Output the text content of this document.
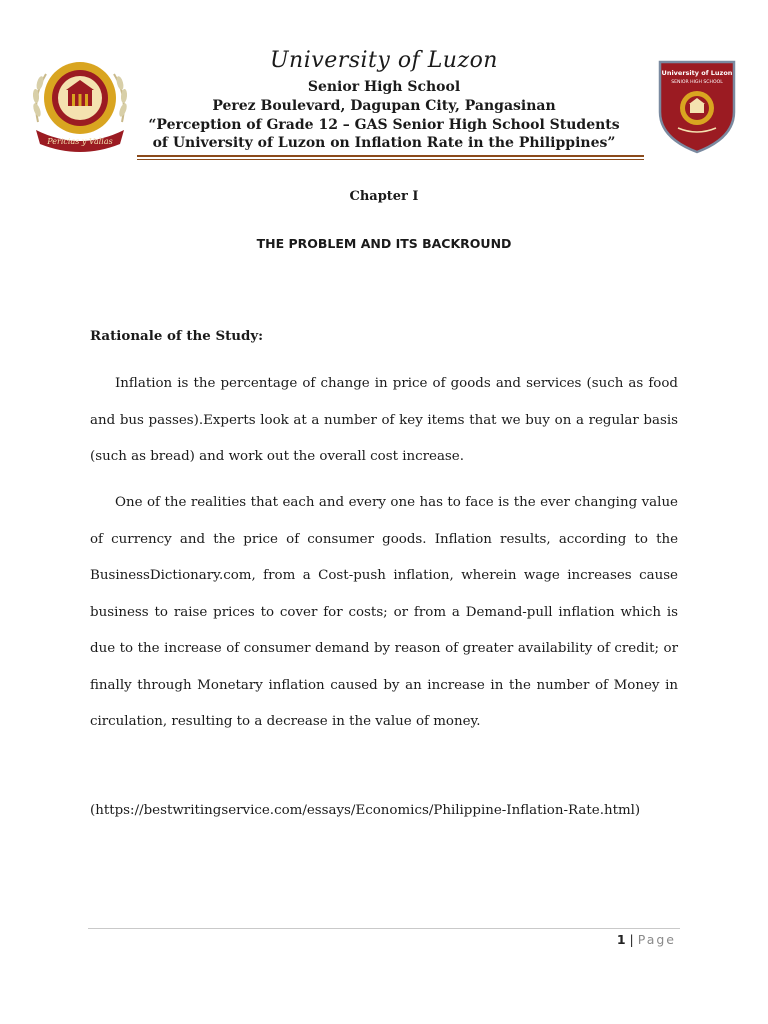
Pericias y Valias
University of Luzon
SENIOR HIGH SCHOOL
University of Luzon
Senior High School
Perez Boulevard, Dagupan City, Pangasinan
“Perception of Grade 12 – GAS Senior High School Students
of University of Luzon on Inflation Rate in the Philippines”
Chapter I
THE PROBLEM AND ITS BACKROUND
Rationale of the Study:
Inflation is the percentage of change in price of goods and services (such as food and bus passes).Experts look at a number of key items that we buy on a regular basis (such as bread) and work out the overall cost increase.
One of the realities that each and every one has to face is the ever changing value of currency and the price of consumer goods. Inflation results, according to the BusinessDictionary.com, from a Cost-push inflation, wherein wage increases cause business to raise prices to cover for costs; or from a Demand-pull inflation which is due to the increase of consumer demand by reason of greater availability of credit; or finally through Monetary inflation caused by an increase in the number of Money in circulation, resulting to a decrease in the value of money.
(https://bestwritingservice.com/essays/Economics/Philippine-Inflation-Rate.html)
1 | Page
